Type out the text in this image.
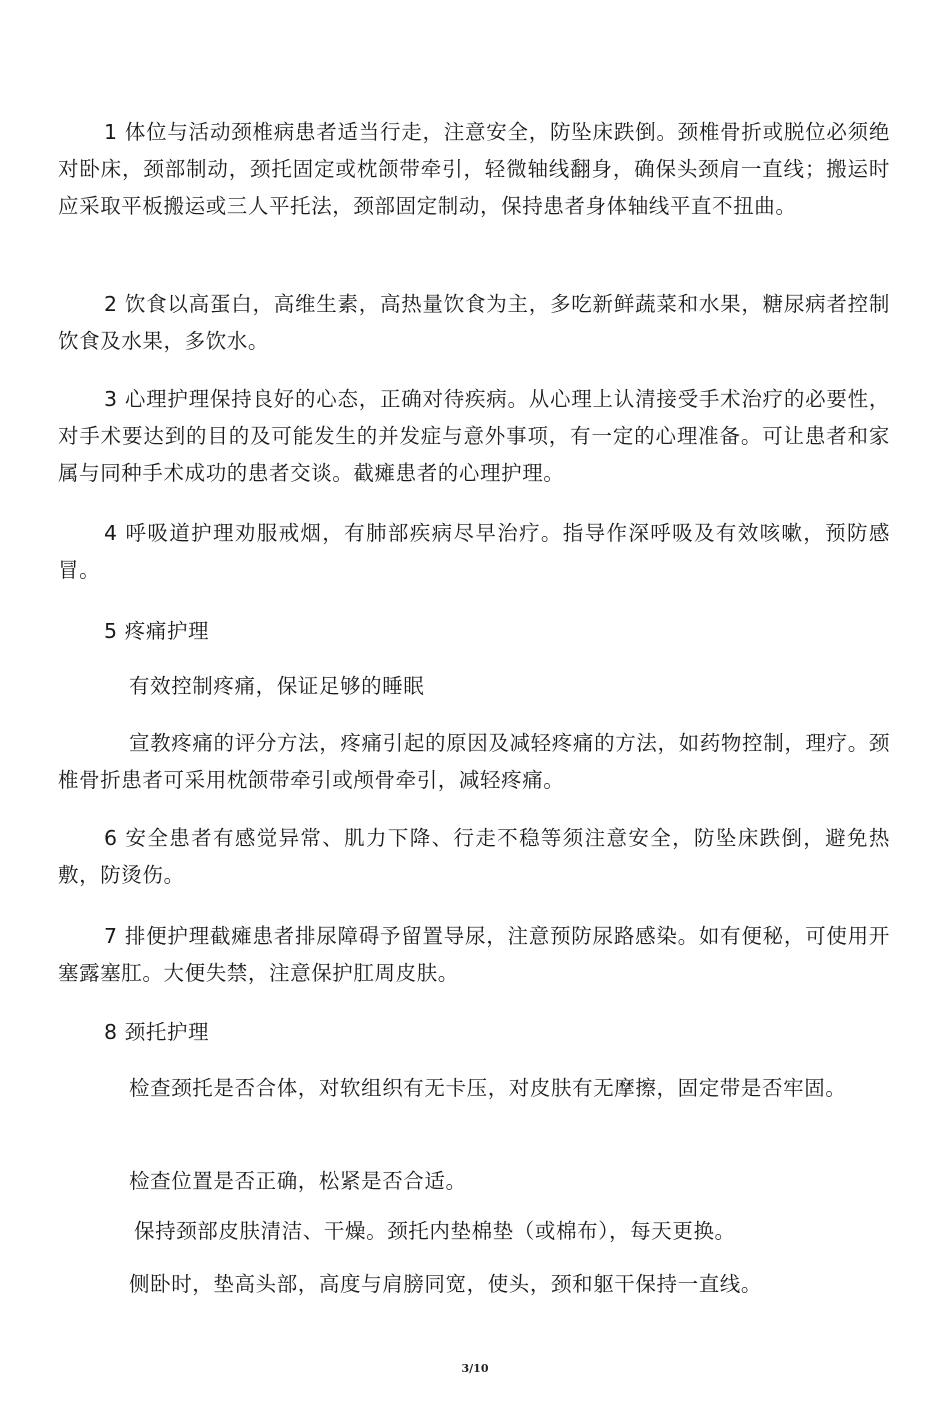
1 体位与活动颈椎病患者适当行走，注意安全，防坠床跌倒。颈椎骨折或脱位必须绝对卧床，颈部制动，颈托固定或枕颌带牵引，轻微轴线翻身，确保头颈肩一直线；搬运时应采取平板搬运或三人平托法，颈部固定制动，保持患者身体轴线平直不扭曲。

2 饮食以高蛋白，高维生素，高热量饮食为主，多吃新鲜蔬菜和水果，糖尿病者控制饮食及水果，多饮水。

3 心理护理保持良好的心态，正确对待疾病。从心理上认清接受手术治疗的必要性，对手术要达到的目的及可能发生的并发症与意外事项，有一定的心理准备。可让患者和家属与同种手术成功的患者交谈。截瘫患者的心理护理。

4 呼吸道护理劝服戒烟，有肺部疾病尽早治疗。指导作深呼吸及有效咳嗽，预防感冒。

5 疼痛护理

有效控制疼痛，保证足够的睡眠

宣教疼痛的评分方法，疼痛引起的原因及减轻疼痛的方法，如药物控制，理疗。颈椎骨折患者可采用枕颌带牵引或颅骨牵引，减轻疼痛。

6 安全患者有感觉异常、肌力下降、行走不稳等须注意安全，防坠床跌倒，避免热敷，防烫伤。

7 排便护理截瘫患者排尿障碍予留置导尿，注意预防尿路感染。如有便秘，可使用开塞露塞肛。大便失禁，注意保护肛周皮肤。

8 颈托护理

检查颈托是否合体，对软组织有无卡压，对皮肤有无摩擦，固定带是否牢固。

检查位置是否正确，松紧是否合适。

保持颈部皮肤清洁、干燥。颈托内垫棉垫（或棉布），每天更换。

侧卧时，垫高头部，高度与肩膀同宽，使头，颈和躯干保持一直线。

3/10
